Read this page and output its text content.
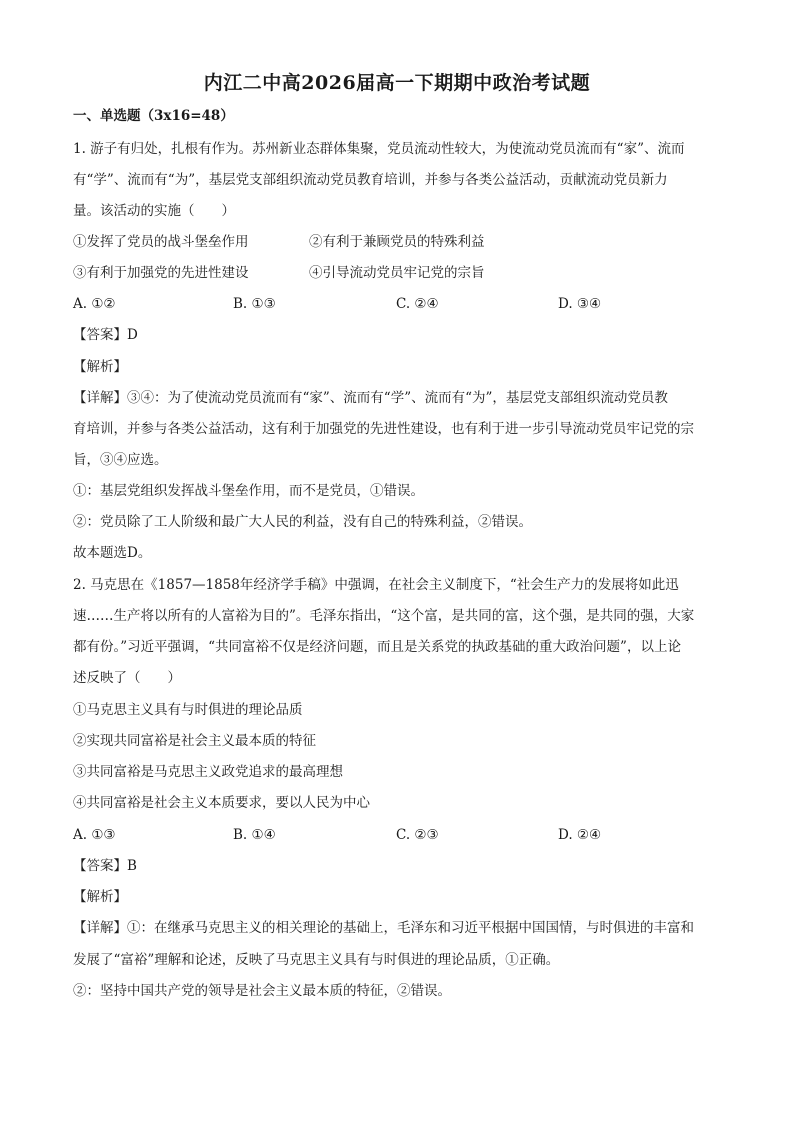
内江二中高2026届高一下期期中政治考试题
一、单选题（3x16=48）
1. 游子有归处，扎根有作为。苏州新业态群体集聚，党员流动性较大，为使流动党员流而有“家”、流而
有“学”、流而有“为”，基层党支部组织流动党员教育培训，并参与各类公益活动，贡献流动党员新力
量。该活动的实施（　　）
①发挥了党员的战斗堡垒作用	②有利于兼顾党员的特殊利益
③有利于加强党的先进性建设	④引导流动党员牢记党的宗旨
A. ①②	B. ①③	C. ②④	D. ③④
【答案】D
【解析】
【详解】③④：为了使流动党员流而有“家”、流而有“学”、流而有“为”，基层党支部组织流动党员教
育培训，并参与各类公益活动，这有利于加强党的先进性建设，也有利于进一步引导流动党员牢记党的宗
旨，③④应选。
①：基层党组织发挥战斗堡垒作用，而不是党员，①错误。
②：党员除了工人阶级和最广大人民的利益，没有自己的特殊利益，②错误。
故本题选D。
2. 马克思在《1857—1858年经济学手稿》中强调，在社会主义制度下，“社会生产力的发展将如此迅
速……生产将以所有的人富裕为目的”。毛泽东指出，“这个富，是共同的富，这个强，是共同的强，大家
都有份。”习近平强调，“共同富裕不仅是经济问题，而且是关系党的执政基础的重大政治问题”，以上论
述反映了（　　）
①马克思主义具有与时俱进的理论品质
②实现共同富裕是社会主义最本质的特征
③共同富裕是马克思主义政党追求的最高理想
④共同富裕是社会主义本质要求，要以人民为中心
A. ①③	B. ①④	C. ②③	D. ②④
【答案】B
【解析】
【详解】①：在继承马克思主义的相关理论的基础上，毛泽东和习近平根据中国国情，与时俱进的丰富和
发展了“富裕”理解和论述，反映了马克思主义具有与时俱进的理论品质，①正确。
②：坚持中国共产党的领导是社会主义最本质的特征，②错误。
